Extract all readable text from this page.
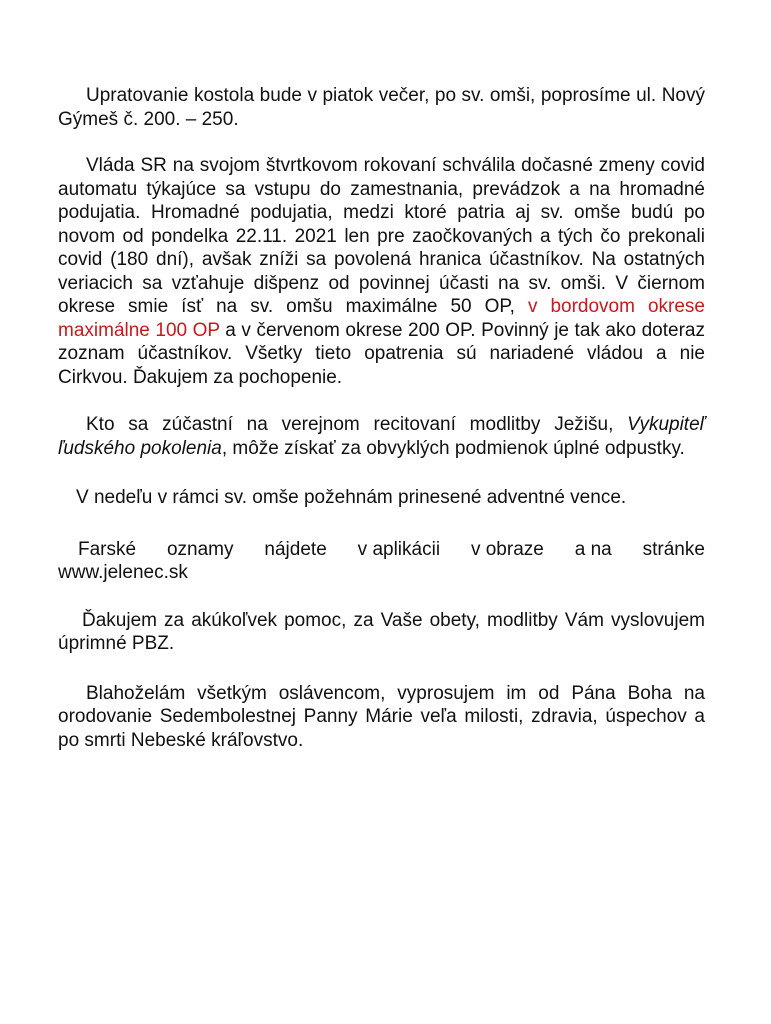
Upratovanie kostola bude v piatok večer, po sv. omši, poprosíme ul. Nový Gýmeš č. 200. – 250.

Vláda SR na svojom štvrtkovom rokovaní schválila dočasné zmeny covid automatu týkajúce sa vstupu do zamestnania, prevádzok a na hromadné podujatia. Hromadné podujatia, medzi ktoré patria aj sv. omše budú po novom od pondelka 22.11. 2021 len pre zaočkovaných a tých čo prekonali covid (180 dní), avšak zníži sa povolená hranica účastníkov. Na ostatných veriacich sa vzťahuje dišpenz od povinnej účasti na sv. omši. V čiernom okrese smie ísť na sv. omšu maximálne 50 OP, v bordovom okrese maximálne 100 OP a v červenom okrese 200 OP. Povinný je tak ako doteraz zoznam účastníkov. Všetky tieto opatrenia sú nariadené vládou a nie Cirkvou. Ďakujem za pochopenie.

Kto sa zúčastní na verejnom recitovaní modlitby Ježišu, Vykupiteľ ľudského pokolenia, môže získať za obvyklých podmienok úplné odpustky.

V nedeľu v rámci sv. omše požehnám prinesené adventné vence.

Farské oznamy nájdete v aplikácii v obraze a na stránke
www.jelenec.sk

Ďakujem za akúkoľvek pomoc, za Vaše obety, modlitby Vám vyslovujem úprimné PBZ.

Blahoželám všetkým oslávencom, vyprosujem im od Pána Boha na orodovanie Sedembolestnej Panny Márie veľa milosti, zdravia, úspechov a po smrti Nebeské kráľovstvo.
